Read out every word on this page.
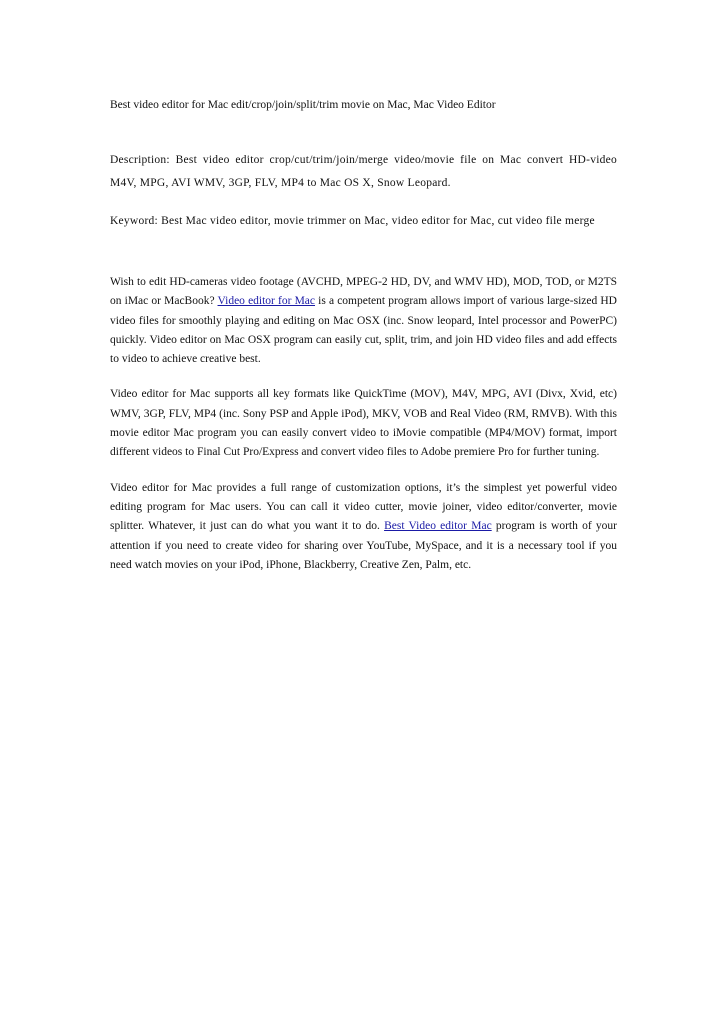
Best video editor for Mac edit/crop/join/split/trim movie on Mac, Mac Video Editor

Description: Best video editor crop/cut/trim/join/merge video/movie file on Mac convert HD-video M4V, MPG, AVI WMV, 3GP, FLV, MP4 to Mac OS X, Snow Leopard.

Keyword: Best Mac video editor, movie trimmer on Mac, video editor for Mac, cut video file merge

Wish to edit HD-cameras video footage (AVCHD, MPEG-2 HD, DV, and WMV HD), MOD, TOD, or M2TS on iMac or MacBook? Video editor for Mac is a competent program allows import of various large-sized HD video files for smoothly playing and editing on Mac OSX (inc. Snow leopard, Intel processor and PowerPC) quickly. Video editor on Mac OSX program can easily cut, split, trim, and join HD video files and add effects to video to achieve creative best.

Video editor for Mac supports all key formats like QuickTime (MOV), M4V, MPG, AVI (Divx, Xvid, etc) WMV, 3GP, FLV, MP4 (inc. Sony PSP and Apple iPod), MKV, VOB and Real Video (RM, RMVB). With this movie editor Mac program you can easily convert video to iMovie compatible (MP4/MOV) format, import different videos to Final Cut Pro/Express and convert video files to Adobe premiere Pro for further tuning.

Video editor for Mac provides a full range of customization options, it’s the simplest yet powerful video editing program for Mac users. You can call it video cutter, movie joiner, video editor/converter, movie splitter. Whatever, it just can do what you want it to do. Best Video editor Mac program is worth of your attention if you need to create video for sharing over YouTube, MySpace, and it is a necessary tool if you need watch movies on your iPod, iPhone, Blackberry, Creative Zen, Palm, etc.
